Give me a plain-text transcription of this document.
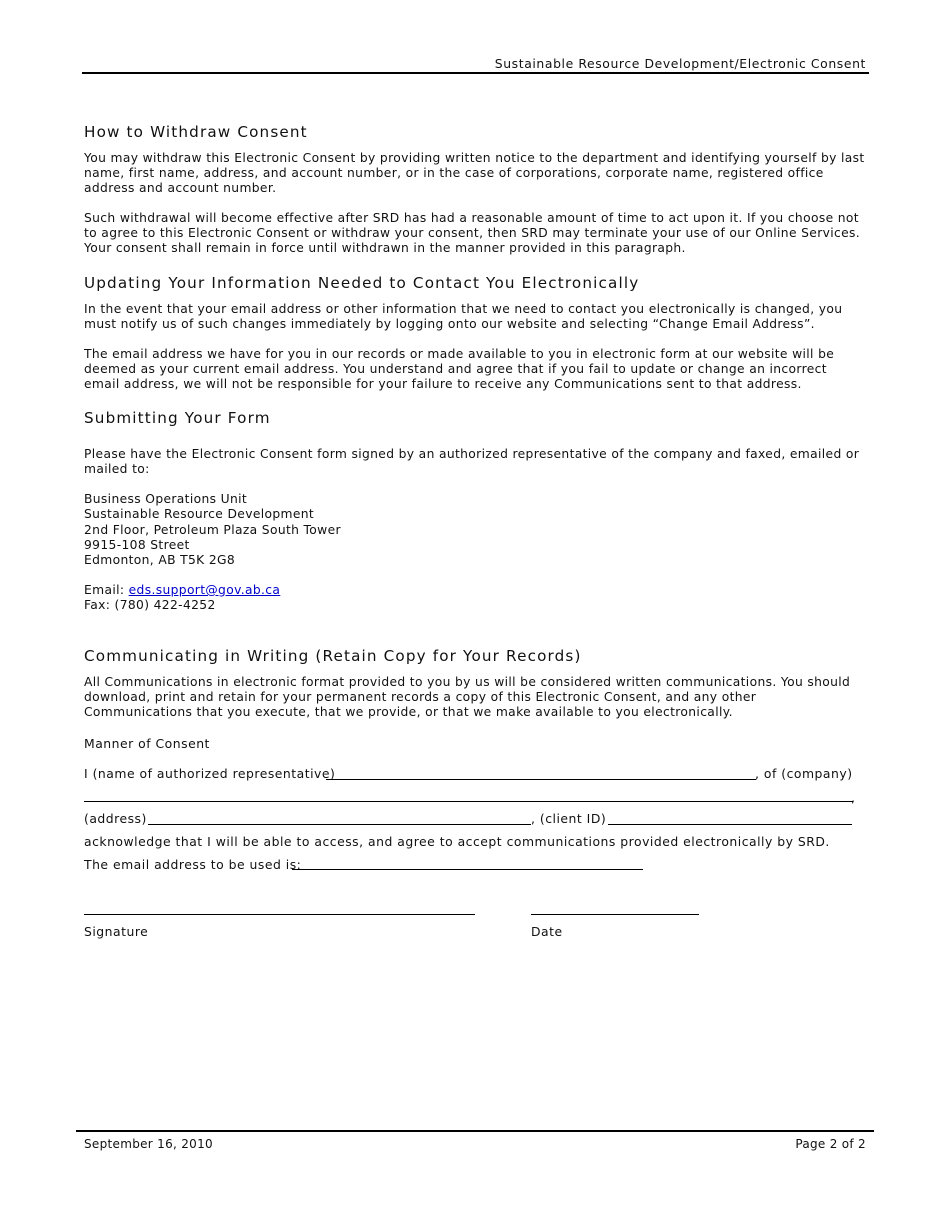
Sustainable Resource Development/Electronic Consent
How to Withdraw Consent

You may withdraw this Electronic Consent by providing written notice to the department and identifying yourself by last name, first name, address, and account number, or in the case of corporations, corporate name, registered office address and account number.

Such withdrawal will become effective after SRD has had a reasonable amount of time to act upon it. If you choose not to agree to this Electronic Consent or withdraw your consent, then SRD may terminate your use of our Online Services. Your consent shall remain in force until withdrawn in the manner provided in this paragraph.

Updating Your Information Needed to Contact You Electronically

In the event that your email address or other information that we need to contact you electronically is changed, you must notify us of such changes immediately by logging onto our website and selecting “Change Email Address”.

The email address we have for you in our records or made available to you in electronic form at our website will be deemed as your current email address. You understand and agree that if you fail to update or change an incorrect email address, we will not be responsible for your failure to receive any Communications sent to that address.

Submitting Your Form

Please have the Electronic Consent form signed by an authorized representative of the company and faxed, emailed or mailed to:

Business Operations Unit
Sustainable Resource Development
2nd Floor, Petroleum Plaza South Tower
9915-108 Street
Edmonton, AB T5K 2G8
Email: eds.support@gov.ab.ca
Fax: (780) 422-4252
Communicating in Writing (Retain Copy for Your Records)

All Communications in electronic format provided to you by us will be considered written communications. You should download, print and retain for your permanent records a copy of this Electronic Consent, and any other Communications that you execute, that we provide, or that we make available to you electronically.

Manner of Consent
I (name of authorized representative)	, of (company)
,
(address)	, (client ID)
acknowledge that I will be able to access, and agree to accept communications provided electronically by SRD.
The email address to be used is:
Signature	Date
September 16, 2010	Page 2 of 2
